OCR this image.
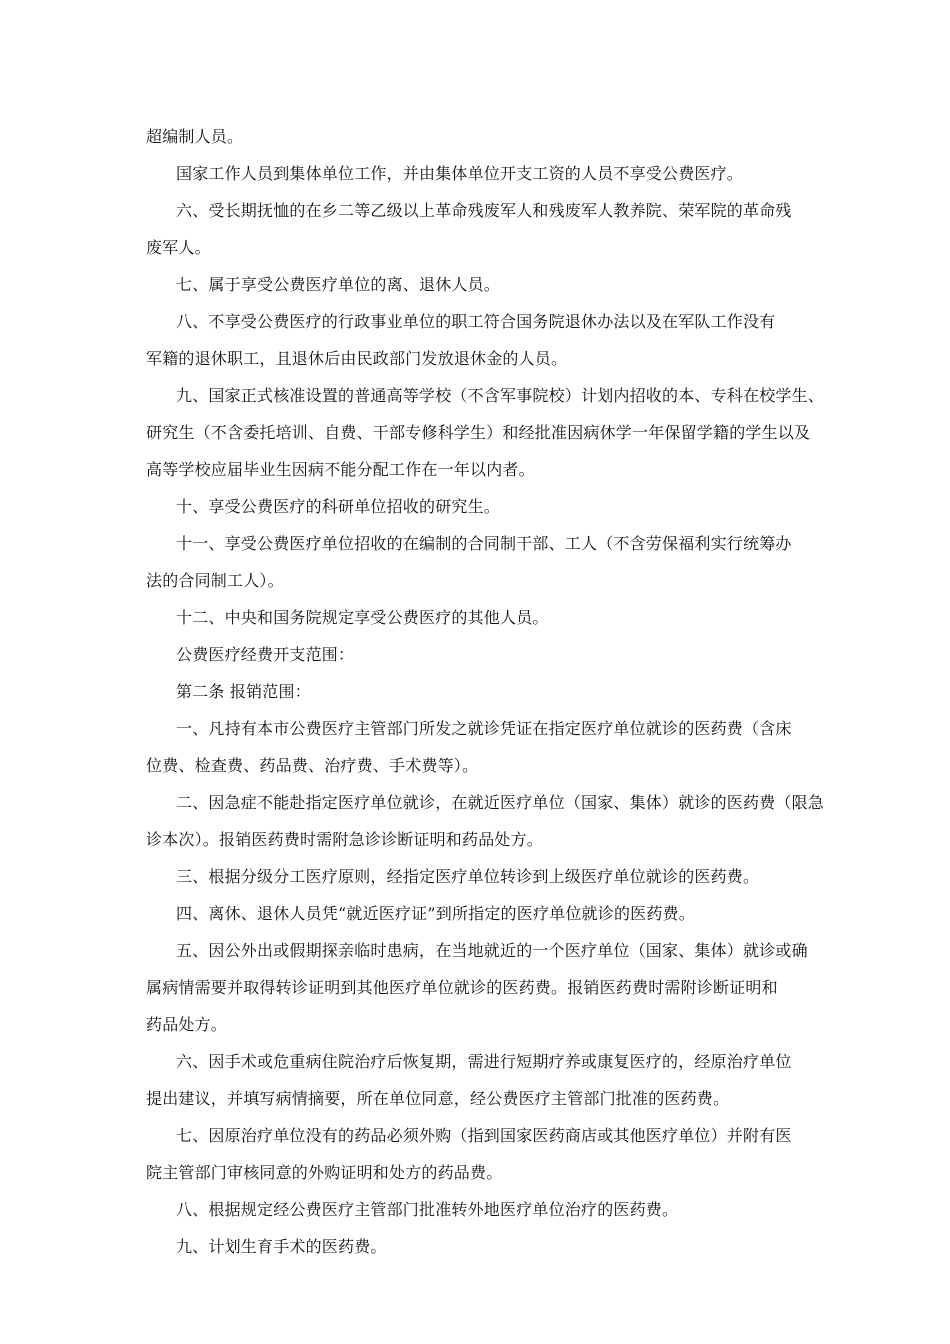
超编制人员。
国家工作人员到集体单位工作，并由集体单位开支工资的人员不享受公费医疗。
六、受长期抚恤的在乡二等乙级以上革命残废军人和残废军人教养院、荣军院的革命残
废军人。
七、属于享受公费医疗单位的离、退休人员。
八、不享受公费医疗的行政事业单位的职工符合国务院退休办法以及在军队工作没有
军籍的退休职工，且退休后由民政部门发放退休金的人员。
九、国家正式核准设置的普通高等学校（不含军事院校）计划内招收的本、专科在校学生、
研究生（不含委托培训、自费、干部专修科学生）和经批准因病休学一年保留学籍的学生以及
高等学校应届毕业生因病不能分配工作在一年以内者。
十、享受公费医疗的科研单位招收的研究生。
十一、享受公费医疗单位招收的在编制的合同制干部、工人（不含劳保福利实行统筹办
法的合同制工人）。
十二、中央和国务院规定享受公费医疗的其他人员。
公费医疗经费开支范围：
第二条 报销范围：
一、凡持有本市公费医疗主管部门所发之就诊凭证在指定医疗单位就诊的医药费（含床
位费、检查费、药品费、治疗费、手术费等）。
二、因急症不能赴指定医疗单位就诊，在就近医疗单位（国家、集体）就诊的医药费（限急
诊本次）。报销医药费时需附急诊诊断证明和药品处方。
三、根据分级分工医疗原则，经指定医疗单位转诊到上级医疗单位就诊的医药费。
四、离休、退休人员凭“就近医疗证”到所指定的医疗单位就诊的医药费。
五、因公外出或假期探亲临时患病，在当地就近的一个医疗单位（国家、集体）就诊或确
属病情需要并取得转诊证明到其他医疗单位就诊的医药费。报销医药费时需附诊断证明和
药品处方。
六、因手术或危重病住院治疗后恢复期，需进行短期疗养或康复医疗的，经原治疗单位
提出建议，并填写病情摘要，所在单位同意，经公费医疗主管部门批准的医药费。
七、因原治疗单位没有的药品必须外购（指到国家医药商店或其他医疗单位）并附有医
院主管部门审核同意的外购证明和处方的药品费。
八、根据规定经公费医疗主管部门批准转外地医疗单位治疗的医药费。
九、计划生育手术的医药费。
